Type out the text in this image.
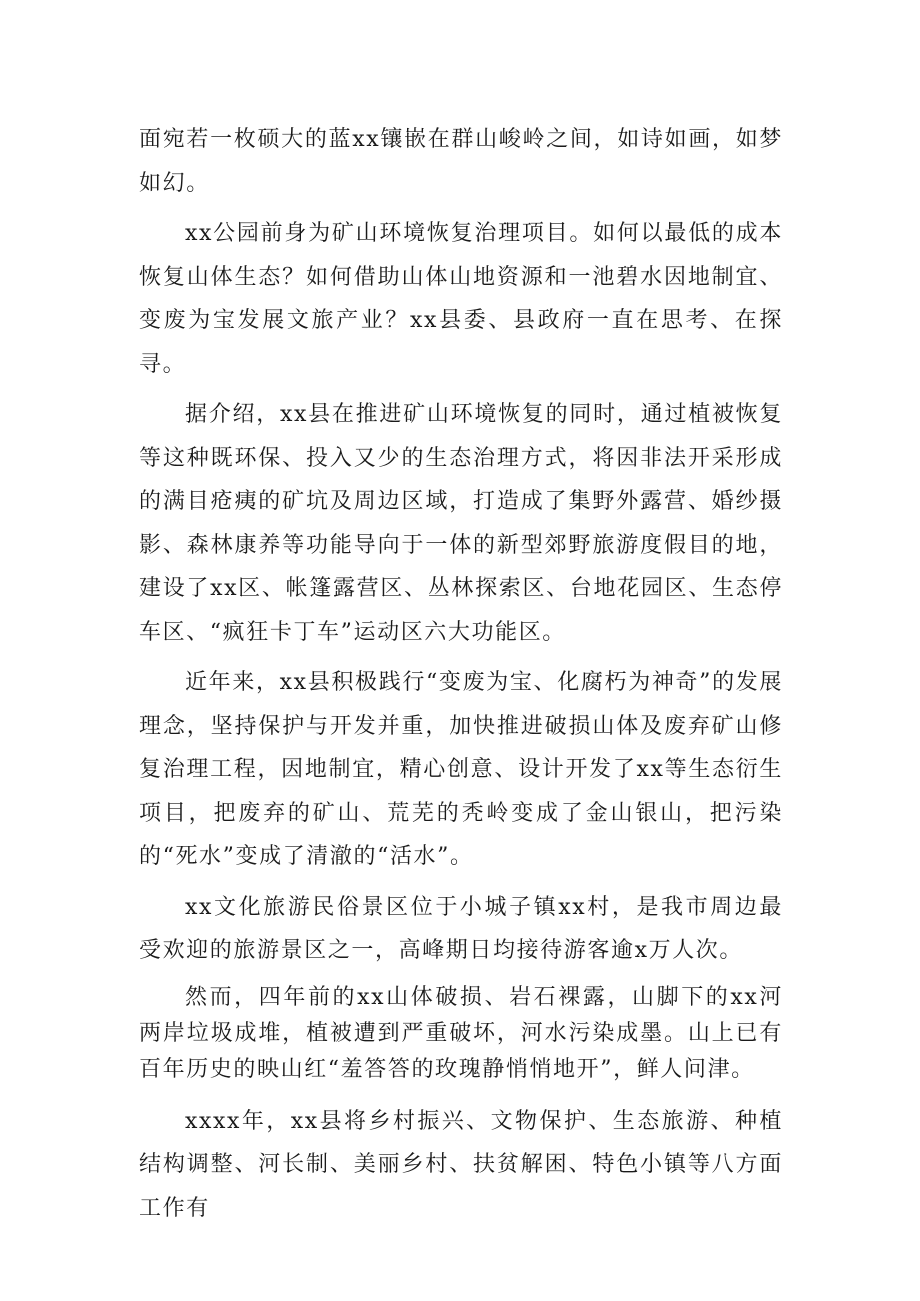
面宛若一枚硕大的蓝xx镶嵌在群山峻岭之间，如诗如画，如梦如幻。

xx公园前身为矿山环境恢复治理项目。如何以最低的成本恢复山体生态？如何借助山体山地资源和一池碧水因地制宜、变废为宝发展文旅产业？xx县委、县政府一直在思考、在探寻。

据介绍，xx县在推进矿山环境恢复的同时，通过植被恢复等这种既环保、投入又少的生态治理方式，将因非法开采形成的满目疮痍的矿坑及周边区域，打造成了集野外露营、婚纱摄影、森林康养等功能导向于一体的新型郊野旅游度假目的地，建设了xx区、帐篷露营区、丛林探索区、台地花园区、生态停车区、“疯狂卡丁车”运动区六大功能区。

近年来，xx县积极践行“变废为宝、化腐朽为神奇”的发展理念，坚持保护与开发并重，加快推进破损山体及废弃矿山修复治理工程，因地制宜，精心创意、设计开发了xx等生态衍生项目，把废弃的矿山、荒芜的秃岭变成了金山银山，把污染的“死水”变成了清澈的“活水”。

xx文化旅游民俗景区位于小城子镇xx村，是我市周边最受欢迎的旅游景区之一，高峰期日均接待游客逾x万人次。

然而，四年前的xx山体破损、岩石裸露，山脚下的xx河两岸垃圾成堆，植被遭到严重破坏，河水污染成墨。山上已有百年历史的映山红“羞答答的玫瑰静悄悄地开”，鲜人问津。

xxxx年，xx县将乡村振兴、文物保护、生态旅游、种植结构调整、河长制、美丽乡村、扶贫解困、特色小镇等八方面工作有
